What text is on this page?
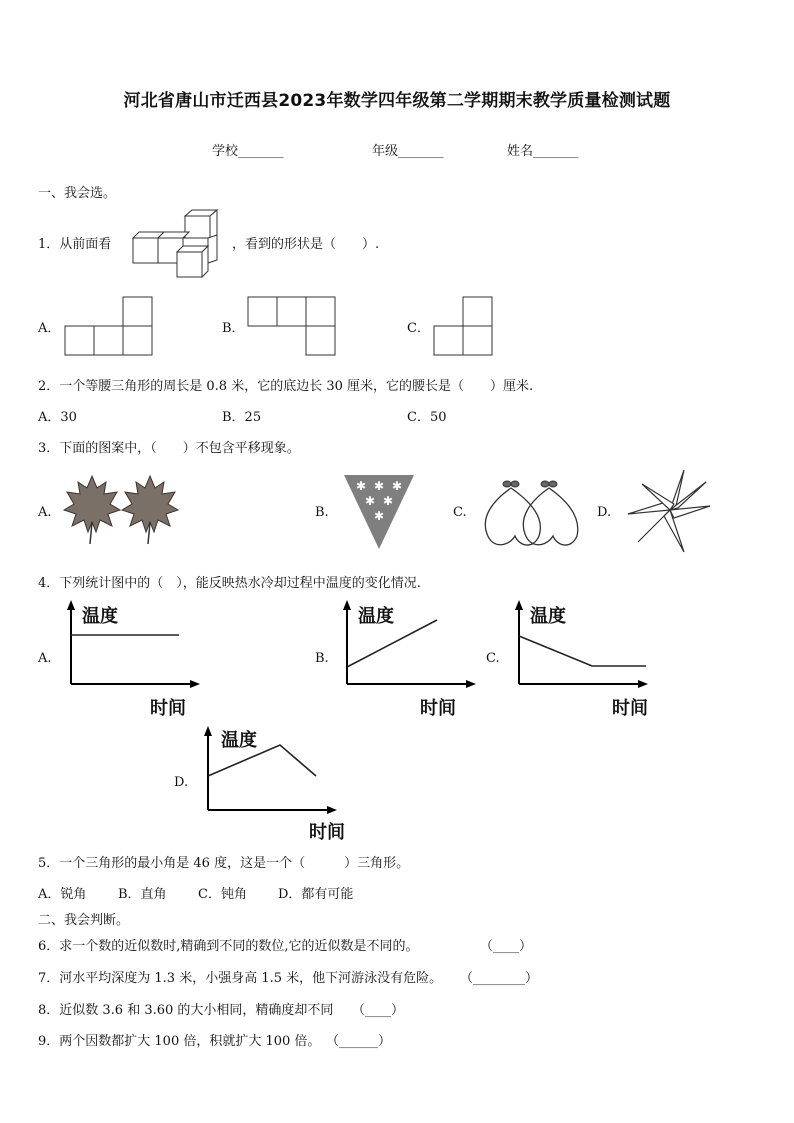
河北省唐山市迁西县2023年数学四年级第二学期期末教学质量检测试题
学校_______	年级_______	姓名_______
一、我会选。
1．从前面看	，看到的形状是（　　）.
A．	B．	C．
2．一个等腰三角形的周长是 0.8 米，它的底边长 30 厘米，它的腰长是（　　）厘米.
A．30	B．25	C．50
3．下面的图案中，（　　）不包含平移现象。
A.	B.
✱ ✱ ✱
✱ ✱
✱	C.	D.
4．下列统计图中的（　），能反映热水冷却过程中温度的变化情况.
A.
温度
时间
B.
温度
时间
C.
温度
时间
D.
温度
时间
5．一个三角形的最小角是 46 度，这是一个（　　　）三角形。
A．锐角 B．直角 C．钝角 D．都有可能
二、我会判断。
6．求一个数的近似数时,精确到不同的数位,它的近似数是不同的。	（____）
7．河水平均深度为 1.3 米，小强身高 1.5 米，他下河游泳没有危险。 （________）
8．近似数 3.6 和 3.60 的大小相同，精确度却不同 （____）
9．两个因数都扩大 100 倍，积就扩大 100 倍。 （______）
